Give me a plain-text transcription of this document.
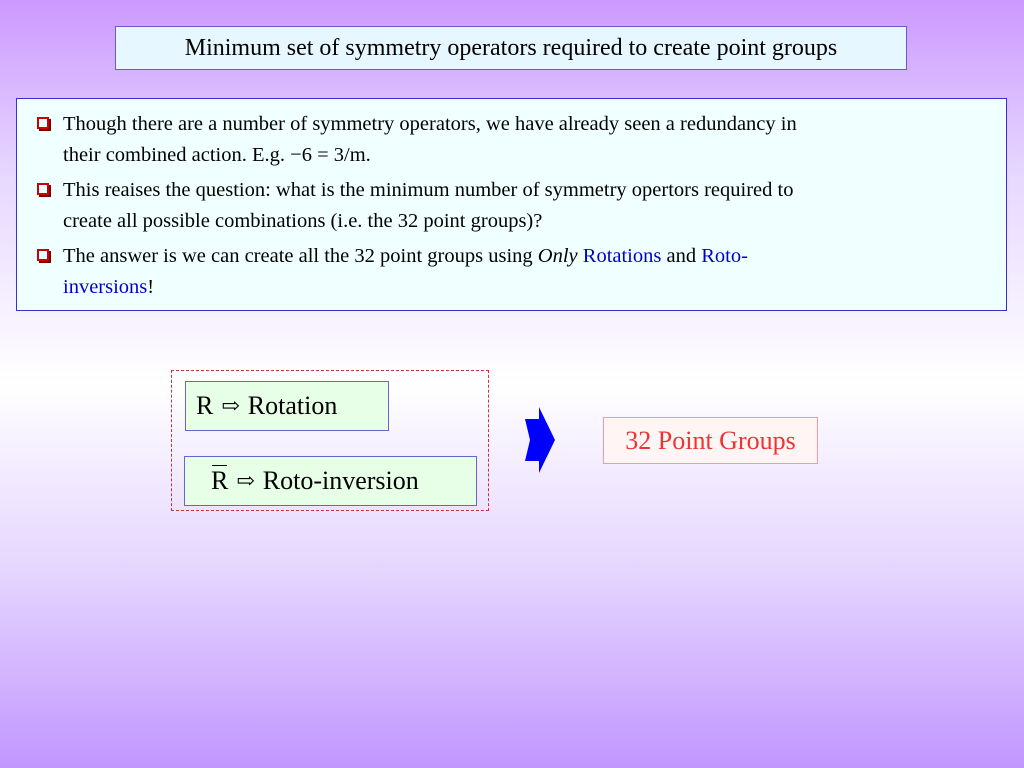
Minimum set of symmetry operators required to create point groups
Though there are a number of symmetry operators, we have already seen a redundancy in
their combined action. E.g. −6 = 3/m.
This reaises the question: what is the minimum number of symmetry opertors required to
create all possible combinations (i.e. the 32 point groups)?
The answer is we can create all the 32 point groups using Only Rotations and Roto-
inversions!
R ⇨ Rotation
R ⇨ Roto-inversion
32 Point Groups
